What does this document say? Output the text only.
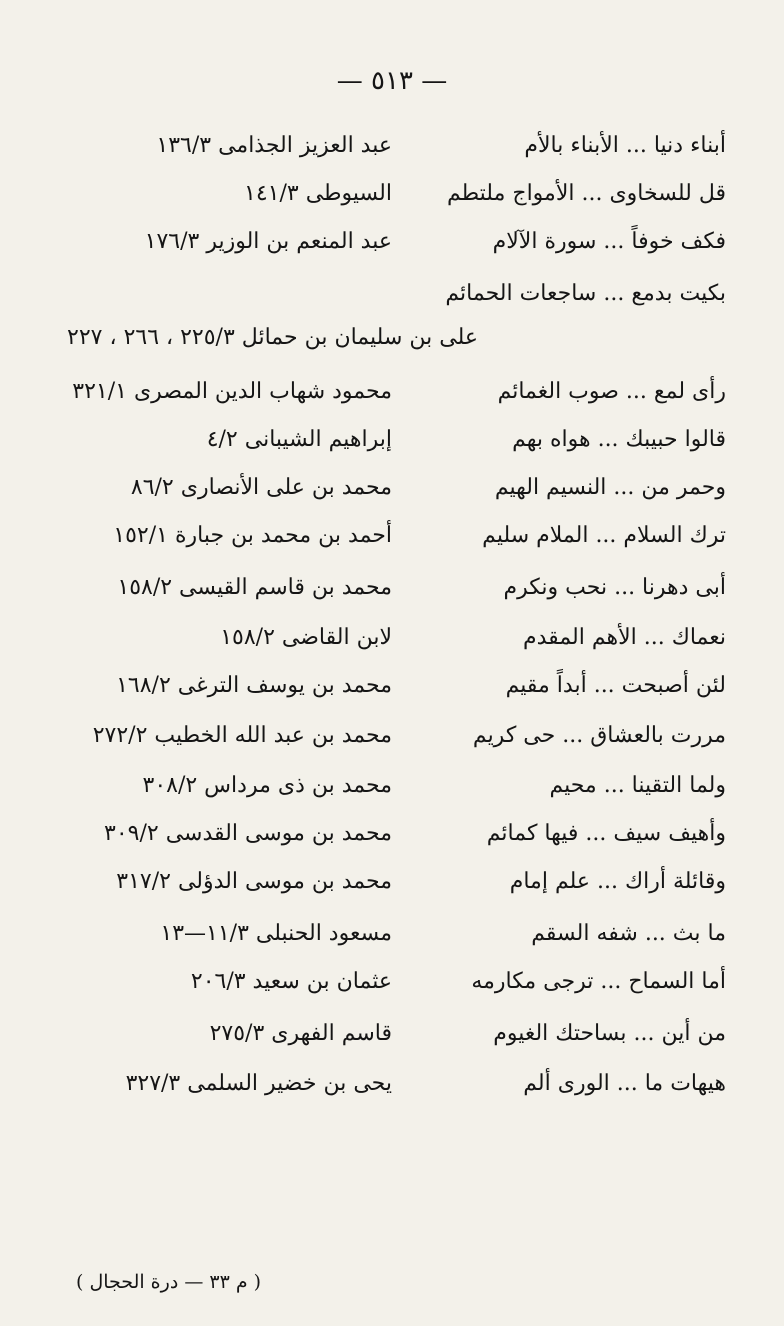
— ٥١٣ —
أبناء دنيا ... الأبناء بالأم
عبد العزيز الجذامى ١٣٦/٣
قل للسخاوى ... الأمواج ملتطم
السيوطى ١٤١/٣
فكف خوفاً ... سورة الآلام
عبد المنعم بن الوزير ١٧٦/٣
بكيت بدمع ... ساجعات الحمائم
على بن سليمان بن حمائل ٢٢٥/٣ ، ٢٦٦ ، ٢٢٧
رأى لمع ... صوب الغمائم
محمود شهاب الدين المصرى ٣٢١/١
قالوا حبيبك ... هواه بهم
إبراهيم الشيبانى ٤/٢
وحمر من ... النسيم الهيم
محمد بن على الأنصارى ٨٦/٢
ترك السلام ... الملام سليم
أحمد بن محمد بن جبارة ١٥٢/١
أبى دهرنا ... نحب ونكرم
محمد بن قاسم القيسى ١٥٨/٢
نعماك ... الأهم المقدم
لابن القاضى ١٥٨/٢
لئن أصبحت ... أبداً مقيم
محمد بن يوسف الترغى ١٦٨/٢
مررت بالعشاق ... حى كريم
محمد بن عبد الله الخطيب ٢٧٢/٢
ولما التقينا ... محيم
محمد بن ذى مرداس ٣٠٨/٢
وأهيف سيف ... فيها كمائم
محمد بن موسى القدسى ٣٠٩/٢
وقائلة أراك ... علم إمام
محمد بن موسى الدؤلى ٣١٧/٢
ما بث ... شفه السقم
مسعود الحنبلى ١١/٣—١٣
أما السماح ... ترجى مكارمه
عثمان بن سعيد ٢٠٦/٣
من أين ... بساحتك الغيوم
قاسم الفهرى ٢٧٥/٣
هيهات ما ... الورى ألم
يحى بن خضير السلمى ٣٢٧/٣
( م ٣٣ — درة الحجال )
